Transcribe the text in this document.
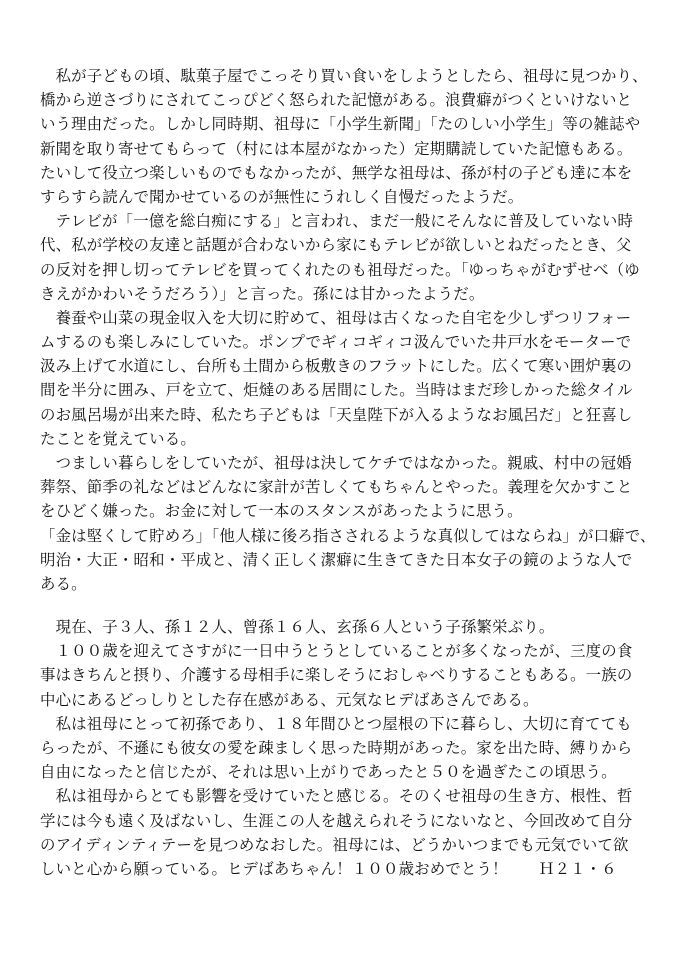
　私が子どもの頃、駄菓子屋でこっそり買い食いをしようとしたら、祖母に見つかり、
橋から逆さづりにされてこっぴどく怒られた記憶がある。浪費癖がつくといけないと
いう理由だった。しかし同時期、祖母に「小学生新聞」「たのしい小学生」等の雑誌や
新聞を取り寄せてもらって（村には本屋がなかった）定期購読していた記憶もある。
たいして役立つ楽しいものでもなかったが、無学な祖母は、孫が村の子ども達に本を
すらすら読んで聞かせているのが無性にうれしく自慢だったようだ。
　テレビが「一億を総白痴にする」と言われ、まだ一般にそんなに普及していない時
代、私が学校の友達と話題が合わないから家にもテレビが欲しいとねだったとき、父
の反対を押し切ってテレビを買ってくれたのも祖母だった。「ゆっちゃがむずせべ（ゆ
きえがかわいそうだろう）」と言った。孫には甘かったようだ。
　養蚕や山菜の現金収入を大切に貯めて、祖母は古くなった自宅を少しずつリフォー
ムするのも楽しみにしていた。ポンプでギィコギィコ汲んでいた井戸水をモーターで
汲み上げて水道にし、台所も土間から板敷きのフラットにした。広くて寒い囲炉裏の
間を半分に囲み、戸を立て、炬燵のある居間にした。当時はまだ珍しかった総タイル
のお風呂場が出来た時、私たち子どもは「天皇陛下が入るようなお風呂だ」と狂喜し
たことを覚えている。
　つましい暮らしをしていたが、祖母は決してケチではなかった。親戚、村中の冠婚
葬祭、節季の礼などはどんなに家計が苦しくてもちゃんとやった。義理を欠かすこと
をひどく嫌った。お金に対して一本のスタンスがあったように思う。
「金は堅くして貯めろ」「他人様に後ろ指さされるような真似してはならね」が口癖で、
明治・大正・昭和・平成と、清く正しく潔癖に生きてきた日本女子の鏡のような人で
ある。
　現在、子３人、孫１２人、曾孫１６人、玄孫６人という子孫繁栄ぶり。
　１００歳を迎えてさすがに一日中うとうとしていることが多くなったが、三度の食
事はきちんと摂り、介護する母相手に楽しそうにおしゃべりすることもある。一族の
中心にあるどっしりとした存在感がある、元気なヒデばあさんである。
　私は祖母にとって初孫であり、１８年間ひとつ屋根の下に暮らし、大切に育てても
らったが、不遜にも彼女の愛を疎ましく思った時期があった。家を出た時、縛りから
自由になったと信じたが、それは思い上がりであったと５０を過ぎたこの頃思う。
　私は祖母からとても影響を受けていたと感じる。そのくせ祖母の生き方、根性、哲
学には今も遠く及ばないし、生涯この人を越えられそうにないなと、今回改めて自分
のアイディンティテーを見つめなおした。祖母には、どうかいつまでも元気でいて欲
しいと心から願っている。ヒデばあちゃん！１００歳おめでとう！　　Ｈ２１・６
